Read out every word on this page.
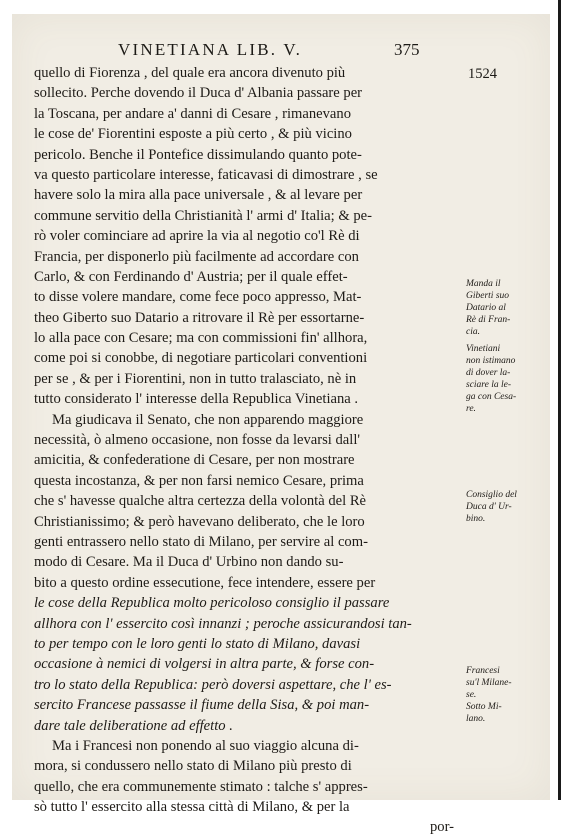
VINETIANA LIB. V.	375
1524
quello di Fiorenza , del quale era ancora divenuto più
sollecito. Perche dovendo il Duca d' Albania passare per
la Toscana, per andare a' danni di Cesare , rimanevano
le cose de' Fiorentini esposte a più certo , & più vicino
pericolo. Benche il Pontefice dissimulando quanto pote-
va questo particolare interesse, faticavasi di dimostrare , se
havere solo la mira alla pace universale , & al levare per
commune servitio della Christianità l' armi d' Italia; & pe-
rò voler cominciare ad aprire la via al negotio co'l Rè di
Francia, per disponerlo più facilmente ad accordare con
Carlo, & con Ferdinando d' Austria; per il quale effet-
to disse volere mandare, come fece poco appresso, Mat-
theo Giberto suo Datario a ritrovare il Rè per essortarne-
lo alla pace con Cesare; ma con commissioni fin' allhora,
come poi si conobbe, di negotiare particolari conventioni
per se , & per i Fiorentini, non in tutto tralasciato, nè in
tutto considerato l' interesse della Republica Vinetiana .
Ma giudicava il Senato, che non apparendo maggiore
necessità, ò almeno occasione, non fosse da levarsi dall'
amicitia, & confederatione di Cesare, per non mostrare
questa incostanza, & per non farsi nemico Cesare, prima
che s' havesse qualche altra certezza della volontà del Rè
Christianissimo; & però havevano deliberato, che le loro
genti entrassero nello stato di Milano, per servire al com-
modo di Cesare. Ma il Duca d' Urbino non dando su-
bito a questo ordine essecutione, fece intendere, essere per
le cose della Republica molto pericoloso consiglio il passare
allhora con l' essercito così innanzi ; peroche assicurandosi tan-
to per tempo con le loro genti lo stato di Milano, davasi
occasione à nemici di volgersi in altra parte, & forse con-
tro lo stato della Republica: però doversi aspettare, che l' es-
sercito Francese passasse il fiume della Sisa, & poi man-
dare tale deliberatione ad effetto .
Ma i Francesi non ponendo al suo viaggio alcuna di-
mora, si condussero nello stato di Milano più presto di
quello, che era communemente stimato : talche s' appres-
sò tutto l' essercito alla stessa città di Milano, & per la
por-
Manda il
Giberti suo
Datario al
Rè di Fran-
cia.
Vinetiani
non istimano
di dover la-
sciare la le-
ga con Cesa-
re.
Consiglio del
Duca d' Ur-
bino.
Francesi
su'l Milane-
se.
Sotto Mi-
lano.
